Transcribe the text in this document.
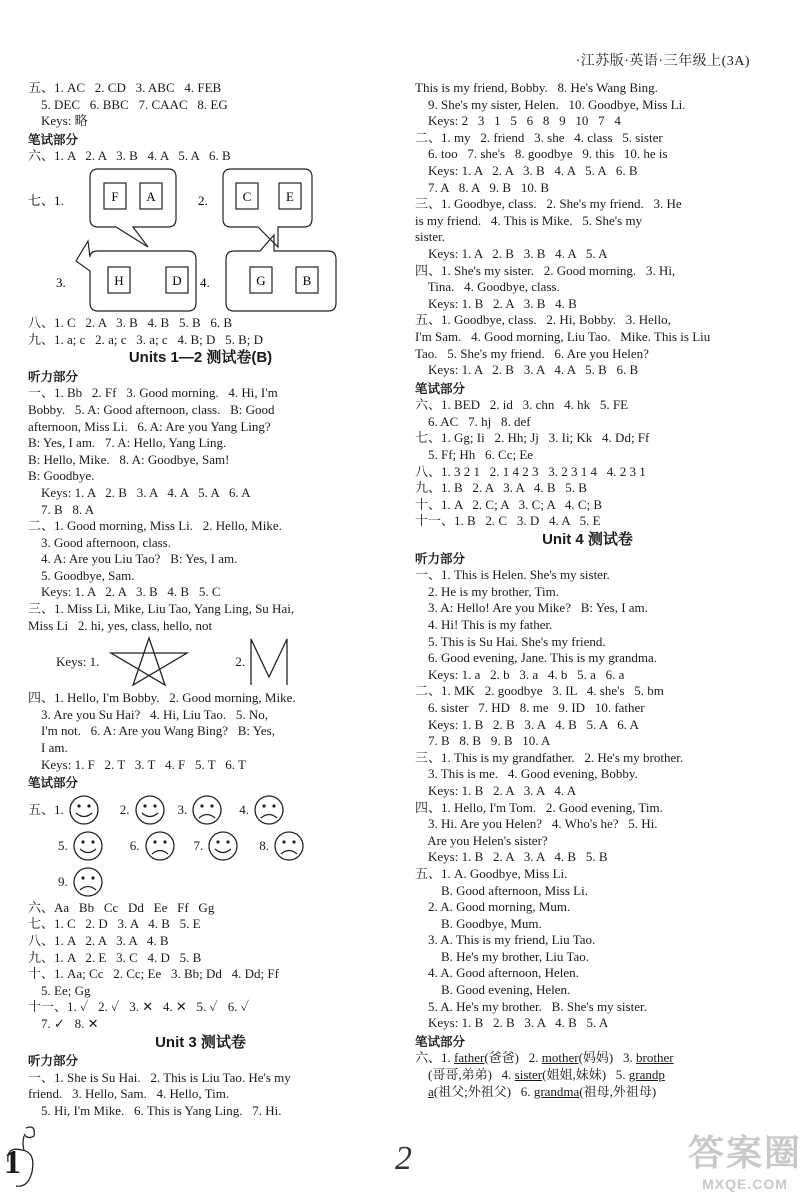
·江苏版·英语·三年级上(3A)
五、1. AC   2. CD   3. ABC   4. FEB
5. DEC   6. BBC   7. CAAC   8. EG
Keys: 略
笔试部分
六、1. A   2. A   3. B   4. A   5. A   6. B
七、1.	F A	2.	C	E
3.	H	D 4.	G	B
八、1. C   2. A   3. B   4. B   5. B   6. B
九、1. a; c   2. a; c   3. a; c   4. B; D   5. B; D
Units 1—2 测试卷(B)
听力部分
一、1. Bb   2. Ff   3. Good morning.   4. Hi, I'm
Bobby.   5. A: Good afternoon, class.   B: Good
afternoon, Miss Li.   6. A: Are you Yang Ling?
B: Yes, I am.   7. A: Hello, Yang Ling.
B: Hello, Mike.   8. A: Goodbye, Sam!
B: Goodbye.
Keys: 1. A   2. B   3. A   4. A   5. A   6. A
7. B   8. A
二、1. Good morning, Miss Li.   2. Hello, Mike.
3. Good afternoon, class.
4. A: Are you Liu Tao?   B: Yes, I am.
5. Goodbye, Sam.
Keys: 1. A   2. A   3. B   4. B   5. C
三、1. Miss Li, Mike, Liu Tao, Yang Ling, Su Hai,
Miss Li   2. hi, yes, class, hello, not
Keys: 1.	2.
四、1. Hello, I'm Bobby.   2. Good morning, Mike.
3. Are you Su Hai?   4. Hi, Liu Tao.   5. No,
I'm not.   6. A: Are you Wang Bing?   B: Yes,
I am.
Keys: 1. F   2. T   3. T   4. F   5. T   6. T
笔试部分
五、1.	2.	3.	4.
5.	6.	7.	8.
9.
六、Aa   Bb   Cc   Dd   Ee   Ff   Gg
七、1. C   2. D   3. A   4. B   5. E
八、1. A   2. A   3. A   4. B
九、1. A   2. E   3. C   4. D   5. B
十、1. Aa; Cc   2. Cc; Ee   3. Bb; Dd   4. Dd; Ff
5. Ee; Gg
十一、1. ✓   2. ✓   3. ✕   4. ✕   5. ✓   6. ✓
7. ✓   8. ✕
Unit 3 测试卷
听力部分
一、1. She is Su Hai.   2. This is Liu Tao. He's my
friend.   3. Hello, Sam.   4. Hello, Tim.
5. Hi, I'm Mike.   6. This is Yang Ling.   7. Hi.
This is my friend, Bobby.   8. He's Wang Bing.
9. She's my sister, Helen.   10. Goodbye, Miss Li.
Keys: 2   3   1   5   6   8   9   10   7   4
二、1. my   2. friend   3. she   4. class   5. sister
6. too   7. she's   8. goodbye   9. this   10. he is
Keys: 1. A   2. A   3. B   4. A   5. A   6. B
7. A   8. A   9. B   10. B
三、1. Goodbye, class.   2. She's my friend.   3. He
is my friend.   4. This is Mike.   5. She's my
sister.
Keys: 1. A   2. B   3. B   4. A   5. A
四、1. She's my sister.   2. Good morning.   3. Hi,
Tina.   4. Goodbye, class.
Keys: 1. B   2. A   3. B   4. B
五、1. Goodbye, class.   2. Hi, Bobby.   3. Hello,
I'm Sam.   4. Good morning, Liu Tao.   Mike. This is Liu
Tao.   5. She's my friend.   6. Are you Helen?
Keys: 1. A   2. B   3. A   4. A   5. B   6. B
笔试部分
六、1. BED   2. id   3. chn   4. hk   5. FE
6. AC   7. hj   8. def
七、1. Gg; Ii   2. Hh; Jj   3. Ii; Kk   4. Dd; Ff
5. Ff; Hh   6. Cc; Ee
八、1. 3 2 1   2. 1 4 2 3   3. 2 3 1 4   4. 2 3 1
九、1. B   2. A   3. A   4. B   5. B
十、1. A   2. C; A   3. C; A   4. C; B
十一、1. B   2. C   3. D   4. A   5. E
Unit 4 测试卷
听力部分
一、1. This is Helen. She's my sister.
2. He is my brother, Tim.
3. A: Hello! Are you Mike?   B: Yes, I am.
4. Hi! This is my father.
5. This is Su Hai. She's my friend.
6. Good evening, Jane. This is my grandma.
Keys: 1. a   2. b   3. a   4. b   5. a   6. a
二、1. MK   2. goodbye   3. IL   4. she's   5. bm
6. sister   7. HD   8. me   9. ID   10. father
Keys: 1. B   2. B   3. A   4. B   5. A   6. A
7. B   8. B   9. B   10. A
三、1. This is my grandfather.   2. He's my brother.
3. This is me.   4. Good evening, Bobby.
Keys: 1. B   2. A   3. A   4. A
四、1. Hello, I'm Tom.   2. Good evening, Tim.
3. Hi. Are you Helen?   4. Who's he?   5. Hi.
Are you Helen's sister?
Keys: 1. B   2. A   3. A   4. B   5. B
五、1. A. Goodbye, Miss Li.
B. Good afternoon, Miss Li.
2. A. Good morning, Mum.
B. Goodbye, Mum.
3. A. This is my friend, Liu Tao.
B. He's my brother, Liu Tao.
4. A. Good afternoon, Helen.
B. Good evening, Helen.
5. A. He's my brother.   B. She's my sister.
Keys: 1. B   2. B   3. A   4. B   5. A
笔试部分
六、1. father(爸爸)   2. mother(妈妈)   3. brother
(哥哥,弟弟)   4. sister(姐姐,妹妹)   5. grandp
a(祖父;外祖父)   6. grandma(祖母,外祖母)
1	2	答案圈
MXQE.COM
